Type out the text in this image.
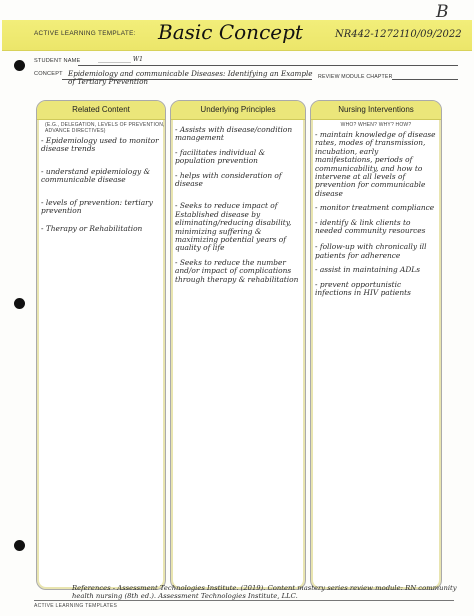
ACTIVE LEARNING TEMPLATE: Basic Concept	NR442-12721
10/09/2022
B
STUDENT NAME	___________ W1
CONCEPT Epidemiology and communicable Diseases: Identifying an Example of Tertiary Prevention	REVIEW MODULE CHAPTER
Related Content
(E.G., DELEGATION, LEVELS OF PREVENTION, ADVANCE DIRECTIVES)
- Epidemiology used to monitor disease trends
- understand epidemiology & communicable disease
- levels of prevention: tertiary prevention
- Therapy or Rehabilitation
Underlying Principles
- Assists with disease/condition management
- facilitates individual & population prevention
- helps with consideration of disease
- Seeks to reduce impact of Established disease by eliminating/reducing disability, minimizing suffering & maximizing potential years of quality of life
- Seeks to reduce the number and/or impact of complications through therapy & rehabilitation
Nursing Interventions
WHO? WHEN? WHY? HOW?
- maintain knowledge of disease rates, modes of transmission, incubation, early manifestations, periods of communicability, and how to intervene at all levels of prevention for communicable disease
- monitor treatment compliance
- identify & link clients to needed community resources
- follow-up with chronically ill patients for adherence
- assist in maintaining ADLs
- prevent opportunistic infections in HIV patients
References - Assessment Technologies Institute. (2019). Content mastery series review module: RN community health nursing (8th ed.). Assessment Technologies Institute, LLC.
ACTIVE LEARNING TEMPLATES
